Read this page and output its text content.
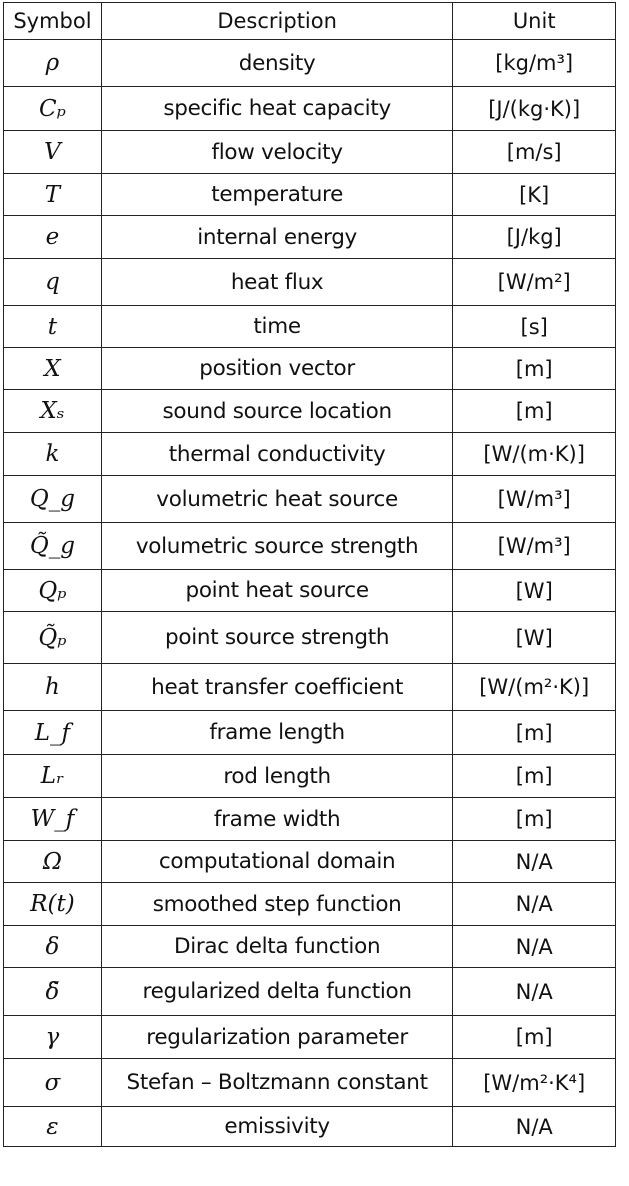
Symbol	Description	Unit
ρ	density	[kg/m³]
Cₚ	specific heat capacity	[J/(kg·K)]
V	flow velocity	[m/s]
T	temperature	[K]
e	internal energy	[J/kg]
q	heat flux	[W/m²]
t	time	[s]
X	position vector	[m]
Xₛ	sound source location	[m]
k	thermal conductivity	[W/(m·K)]
Q_g	volumetric heat source	[W/m³]
Q̃_g	volumetric source strength	[W/m³]
Qₚ	point heat source	[W]
Q̃ₚ	point source strength	[W]
h	heat transfer coefficient	[W/(m²·K)]
L_f	frame length	[m]
Lᵣ	rod length	[m]
W_f	frame width	[m]
Ω	computational domain	N/A
R(t)	smoothed step function	N/A
δ	Dirac delta function	N/A
δ̃	regularized delta function	N/A
γ	regularization parameter	[m]
σ	Stefan – Boltzmann constant	[W/m²·K⁴]
ε	emissivity	N/A
